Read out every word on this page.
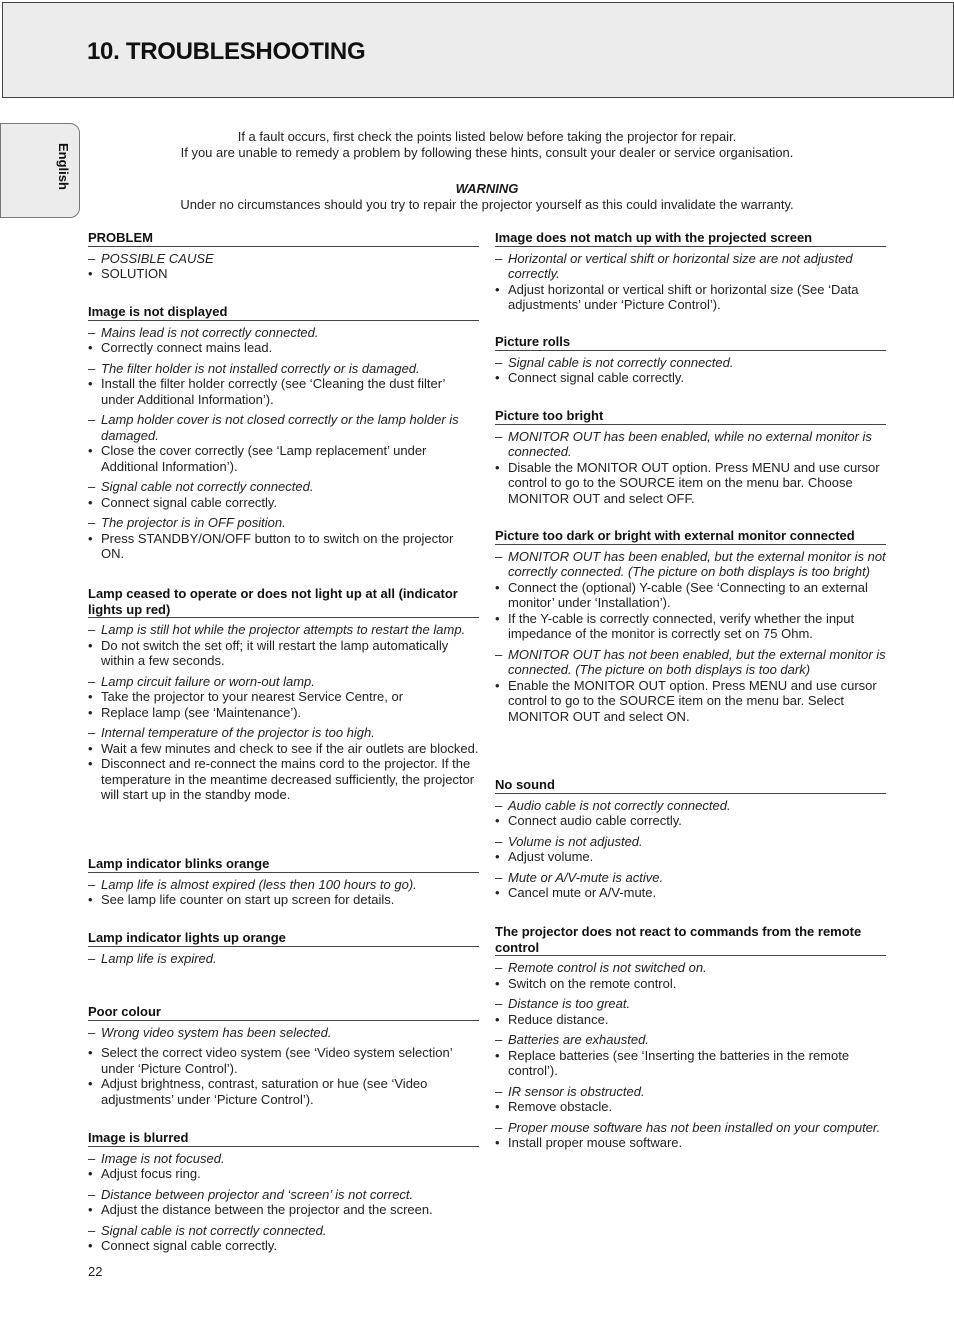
10. TROUBLESHOOTING
English
If a fault occurs, first check the points listed below before taking the projector for repair.
If you are unable to remedy a problem by following these hints, consult your dealer or service organisation.
WARNING
Under no circumstances should you try to repair the projector yourself as this could invalidate the warranty.
PROBLEM
– POSSIBLE CAUSE
• SOLUTION
Image is not displayed
– Mains lead is not correctly connected.
• Correctly connect mains lead.
– The filter holder is not installed correctly or is damaged.
• Install the filter holder correctly (see ‘Cleaning the dust filter’ under Additional Information’).
– Lamp holder cover is not closed correctly or the lamp holder is damaged.
• Close the cover correctly (see ‘Lamp replacement’ under Additional Information’).
– Signal cable not correctly connected.
• Connect signal cable correctly.
– The projector is in OFF position.
• Press STANDBY/ON/OFF button to to switch on the projector ON.
Lamp ceased to operate or does not light up at all (indicator lights up red)
– Lamp is still hot while the projector attempts to restart the lamp.
• Do not switch the set off; it will restart the lamp automatically within a few seconds.
– Lamp circuit failure or worn-out lamp.
• Take the projector to your nearest Service Centre, or
• Replace lamp (see ‘Maintenance’).
– Internal temperature of the projector is too high.
• Wait a few minutes and check to see if the air outlets are blocked.
• Disconnect and re-connect the mains cord to the projector. If the temperature in the meantime decreased sufficiently, the projector will start up in the standby mode.
Lamp indicator blinks orange
– Lamp life is almost expired (less then 100 hours to go).
• See lamp life counter on start up screen for details.
Lamp indicator lights up orange
– Lamp life is expired.
Poor colour
– Wrong video system has been selected.
• Select the correct video system (see ‘Video system selection’ under ‘Picture Control’).
• Adjust brightness, contrast, saturation or hue (see ‘Video adjustments’ under ‘Picture Control’).
Image is blurred
– Image is not focused.
• Adjust focus ring.
– Distance between projector and ‘screen’ is not correct.
• Adjust the distance between the projector and the screen.
– Signal cable is not correctly connected.
• Connect signal cable correctly.
Image does not match up with the projected screen
– Horizontal or vertical shift or horizontal size are not adjusted correctly.
• Adjust horizontal or vertical shift or horizontal size (See ‘Data adjustments’ under ‘Picture Control’).
Picture rolls
– Signal cable is not correctly connected.
• Connect signal cable correctly.
Picture too bright
– MONITOR OUT has been enabled, while no external monitor is connected.
• Disable the MONITOR OUT option. Press MENU and use cursor control to go to the SOURCE item on the menu bar. Choose MONITOR OUT and select OFF.
Picture too dark or bright with external monitor connected
– MONITOR OUT has been enabled, but the external monitor is not correctly connected. (The picture on both displays is too bright)
• Connect the (optional) Y-cable (See ‘Connecting to an external monitor’ under ‘Installation’).
• If the Y-cable is correctly connected, verify whether the input impedance of the monitor is correctly set on 75 Ohm.
– MONITOR OUT has not been enabled, but the external monitor is connected. (The picture on both displays is too dark)
• Enable the MONITOR OUT option. Press MENU and use cursor control to go to the SOURCE item on the menu bar. Select MONITOR OUT and select ON.
No sound
– Audio cable is not correctly connected.
• Connect audio cable correctly.
– Volume is not adjusted.
• Adjust volume.
– Mute or A/V-mute is active.
• Cancel mute or A/V-mute.
The projector does not react to commands from the remote control
– Remote control is not switched on.
• Switch on the remote control.
– Distance is too great.
• Reduce distance.
– Batteries are exhausted.
• Replace batteries (see ‘Inserting the batteries in the remote control’).
– IR sensor is obstructed.
• Remove obstacle.
– Proper mouse software has not been installed on your computer.
• Install proper mouse software.
22
